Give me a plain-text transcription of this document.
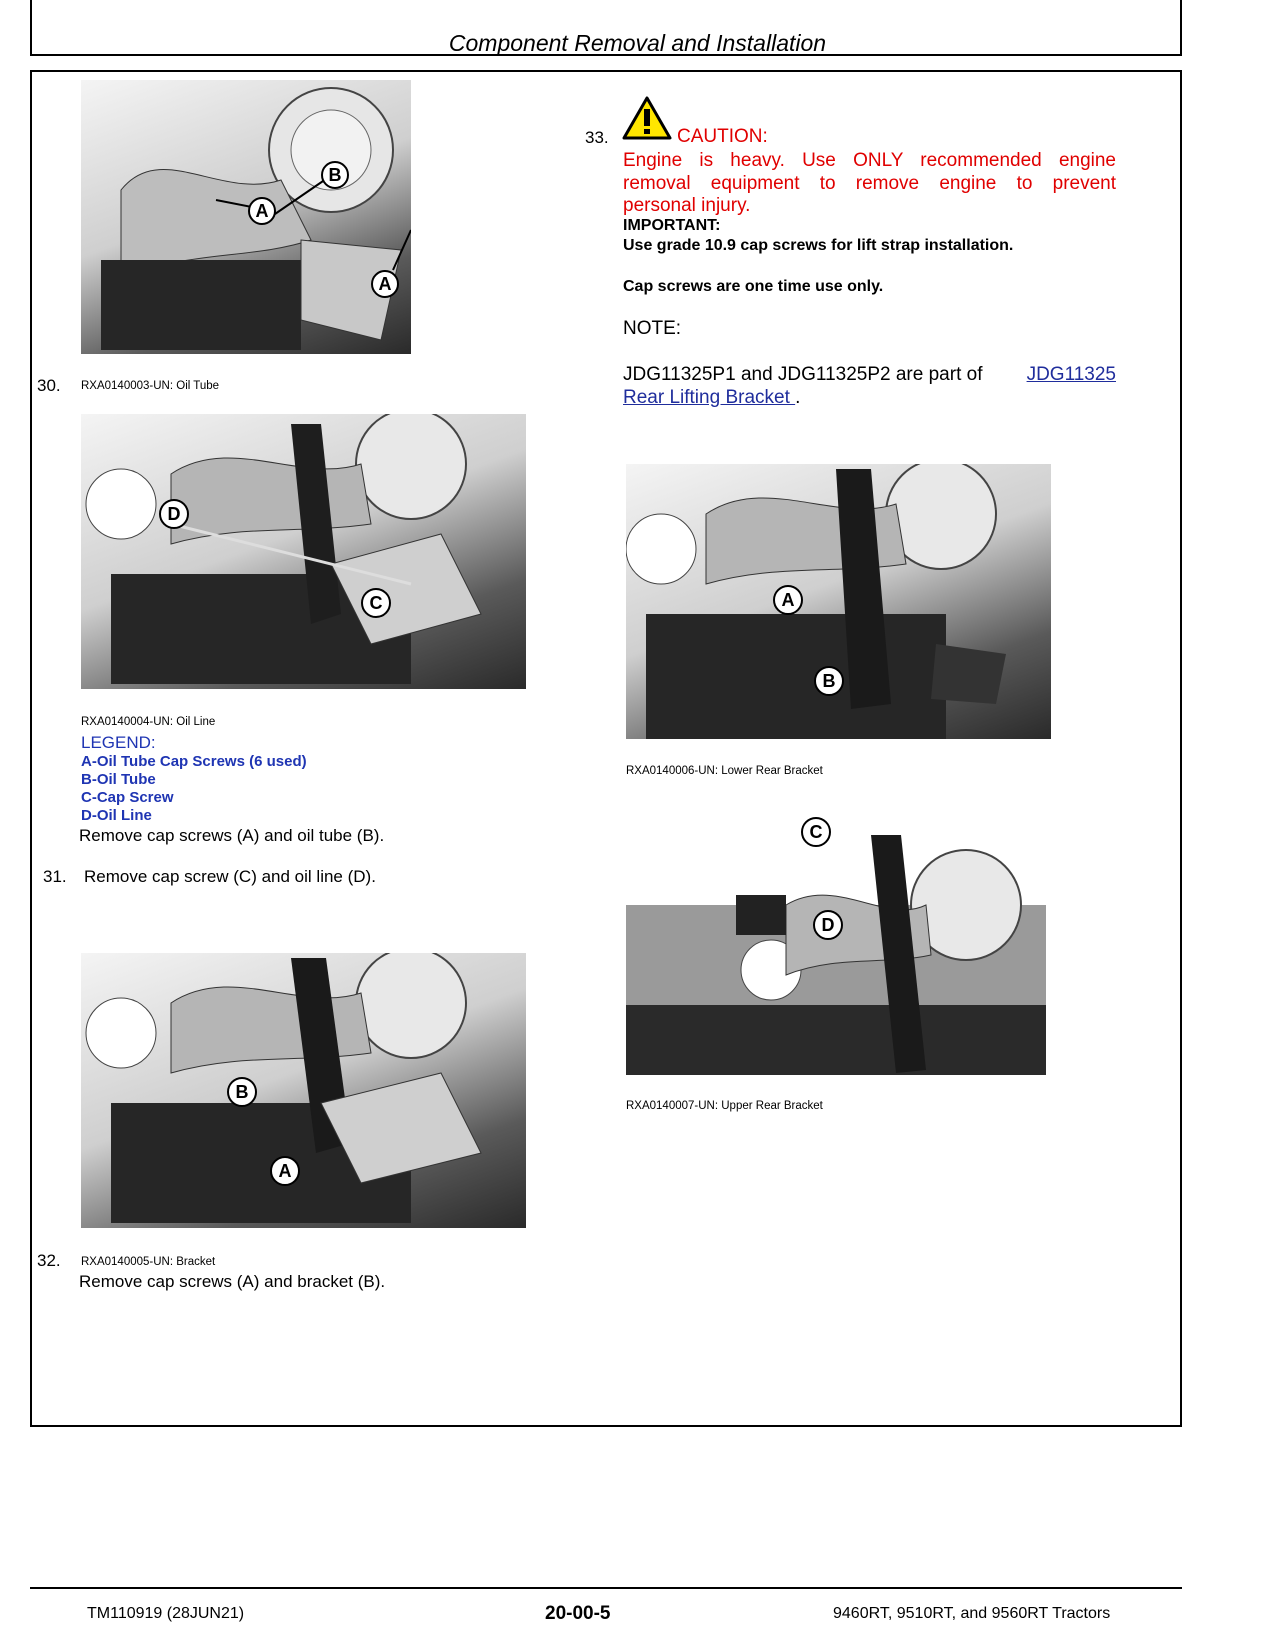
Component Removal and Installation
A
B
A
30. RXA0140003-UN: Oil Tube
D
C
RXA0140004-UN: Oil Line
LEGEND:
A-Oil Tube Cap Screws (6 used)
B-Oil Tube
C-Cap Screw
D-Oil Line
Remove cap screws (A) and oil tube (B).
31. Remove cap screw (C) and oil line (D).
B
A
32. RXA0140005-UN: Bracket
Remove cap screws (A) and bracket (B).
33.	CAUTION:
Engine is heavy. Use ONLY recommended engine
removal equipment to remove engine to prevent
personal injury.
IMPORTANT:
Use grade 10.9 cap screws for lift strap installation.
Cap screws are one time use only.
NOTE:
JDG11325P1 and JDG11325P2 are part of JDG11325
Rear Lifting Bracket .
A
B
RXA0140006-UN: Lower Rear Bracket
C
D
RXA0140007-UN: Upper Rear Bracket
TM110919 (28JUN21)	20-00-5	9460RT, 9510RT, and 9560RT Tractors
